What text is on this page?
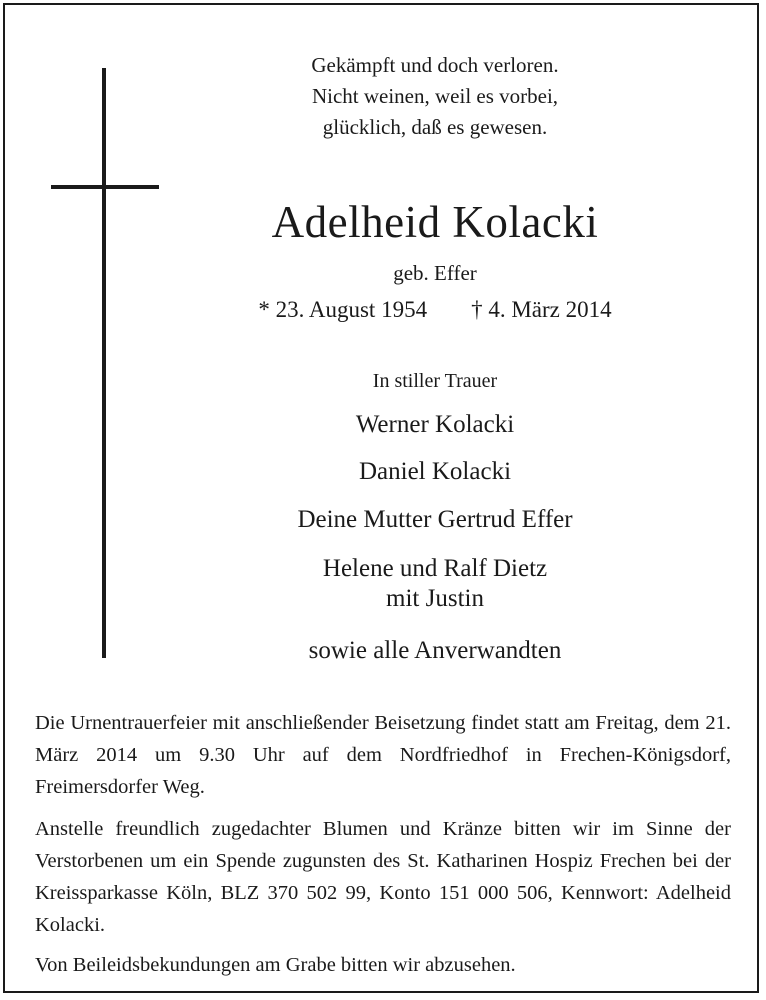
Gekämpft und doch verloren.
Nicht weinen, weil es vorbei,
glücklich, daß es gewesen.
Adelheid Kolacki
geb. Effer
* 23. August 1954 † 4. März 2014
In stiller Trauer
Werner Kolacki
Daniel Kolacki
Deine Mutter Gertrud Effer
Helene und Ralf Dietz
mit Justin
sowie alle Anverwandten
Die Urnentrauerfeier mit anschließender Beisetzung findet statt am Freitag, dem 21. März 2014 um 9.30 Uhr auf dem Nordfriedhof in Frechen-Königsdorf, Freimersdorfer Weg.
Anstelle freundlich zugedachter Blumen und Kränze bitten wir im Sinne der Verstorbenen um ein Spende zugunsten des St. Katharinen Hospiz Frechen bei der Kreissparkasse Köln, BLZ 370 502 99, Konto 151 000 506, Kennwort: Adelheid Kolacki.
Von Beileidsbekundungen am Grabe bitten wir abzusehen.
